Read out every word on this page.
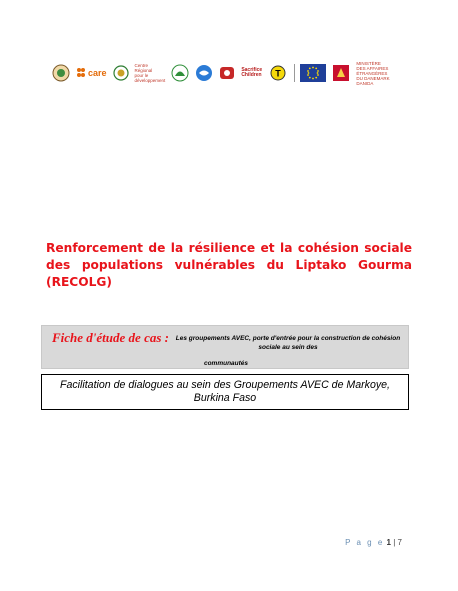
care
Centre
Régional
pour le
développement
Sacrifice Children T
MINISTÈRE DES AFFAIRES
ÉTRANGÈRES DU DANEMARK
DANIDA
Renforcement de la résilience et la cohésion sociale des populations vulnérables du Liptako Gourma (RECOLG)
Fiche d'étude de cas : Les groupements AVEC, porte d'entrée pour la construction de cohésion sociale au sein des
communautés
Facilitation de dialogues au sein des Groupements AVEC de Markoye, Burkina Faso
P a g e 1 | 7
